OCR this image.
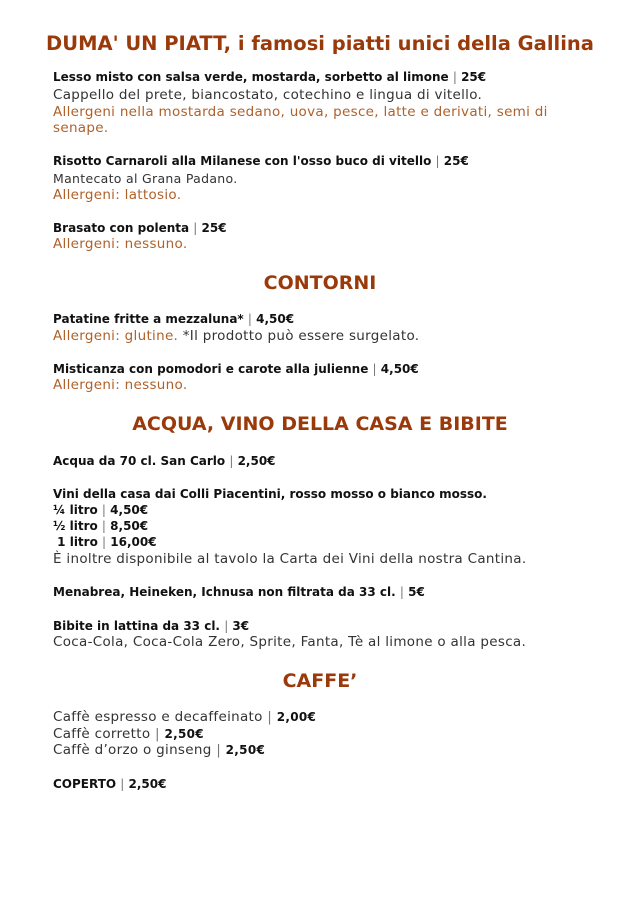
DUMA' UN PIATT, i famosi piatti unici della Gallina
Lesso misto con salsa verde, mostarda, sorbetto al limone | 25€
Cappello del prete, biancostato, cotechino e lingua di vitello.
Allergeni nella mostarda sedano, uova, pesce, latte e derivati, semi di
senape.
Risotto Carnaroli alla Milanese con l'osso buco di vitello | 25€
Mantecato al Grana Padano.
Allergeni: lattosio.
Brasato con polenta | 25€
Allergeni: nessuno.
CONTORNI
Patatine fritte a mezzaluna* | 4,50€
Allergeni: glutine. *Il prodotto può essere surgelato.
Misticanza con pomodori e carote alla julienne | 4,50€
Allergeni: nessuno.
ACQUA, VINO DELLA CASA E BIBITE
Acqua da 70 cl. San Carlo | 2,50€
Vini della casa dai Colli Piacentini, rosso mosso o bianco mosso.
¼ litro | 4,50€
½ litro | 8,50€
1 litro | 16,00€
È inoltre disponibile al tavolo la Carta dei Vini della nostra Cantina.
Menabrea, Heineken, Ichnusa non filtrata da 33 cl. | 5€
Bibite in lattina da 33 cl. | 3€
Coca-Cola, Coca-Cola Zero, Sprite, Fanta, Tè al limone o alla pesca.
CAFFE’
Caffè espresso e decaffeinato | 2,00€
Caffè corretto | 2,50€
Caffè d’orzo o ginseng | 2,50€
COPERTO | 2,50€
